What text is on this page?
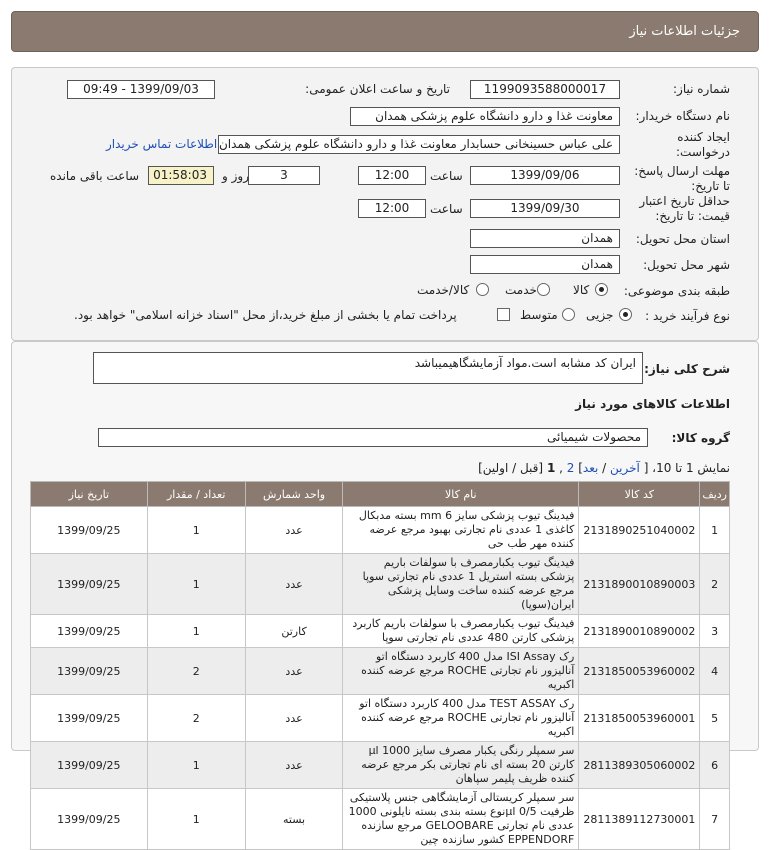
جزئیات اطلاعات نیاز
شماره نیاز:
1199093588000017
تاریخ و ساعت اعلان عمومی:
1399/09/03 - 09:49
نام دستگاه خریدار:
معاونت غذا و دارو دانشگاه علوم پزشکی همدان
ایجاد کننده درخواست:
علی عباس حسینخانی حسابدار معاونت غذا و دارو دانشگاه علوم پزشکی همدان
اطلاعات تماس خریدار
مهلت ارسال پاسخ: تا تاریخ:
1399/09/06
ساعت
12:00
3
روز و
01:58:03
ساعت باقی مانده
حداقل تاریخ اعتبار قیمت: تا تاریخ:
1399/09/30
ساعت
12:00
استان محل تحویل:
همدان
شهر محل تحویل:
همدان
طبقه بندی موضوعی:
کالا
خدمت
کالا/خدمت
نوع فرآیند خرید :
جزیی
متوسط
پرداخت تمام یا بخشی از مبلغ خرید،از محل "اسناد خزانه اسلامی" خواهد بود.
شرح کلی نیاز:
ایران کد مشابه است.مواد آزمایشگاهیمیباشد
اطلاعات کالاهای مورد نیاز
گروه کالا:
محصولات شیمیائی
نمایش 1 تا 10، [ آخرین / بعد] 2 , 1 [قبل / اولین]
ردیف	کد کالا	نام کالا	واحد شمارش	تعداد / مقدار	تاریخ نیاز
1	2131890251040002	فیدینگ تیوب پزشکی سایز 6 mm بسته مدبکال کاغذی 1 عددی نام تجارتی بهبود مرجع عرضه کننده مهر طب حی	عدد	1	1399/09/25
2	2131890010890003	فیدینگ تیوب یکبارمصرف با سولفات باریم پزشکی بسته استریل 1 عددی نام تجارتی سوپا مرجع عرضه کننده ساخت وسایل پزشکی ایران(سوپا)	عدد	1	1399/09/25
3	2131890010890002	فیدینگ تیوب یکبارمصرف با سولفات باریم کاربرد پزشکی کارتن 480 عددی نام تجارتی سوپا	کارتن	1	1399/09/25
4	2131850053960002	رک ISI Assay مدل 400 کاربرد دستگاه اتو آنالیزور نام تجارتی ROCHE مرجع عرضه کننده اکبریه	عدد	2	1399/09/25
5	2131850053960001	رک TEST ASSAY مدل 400 کاربرد دستگاه اتو آنالیزور نام تجارتی ROCHE مرجع عرضه کننده اکبریه	عدد	2	1399/09/25
6	2811389305060002	سر سمپلر رنگی یکبار مصرف سایز 1000 µl کارتن 20 بسته ای نام تجارتی بکر مرجع عرضه کننده ظریف پلیمر سپاهان	عدد	1	1399/09/25
7	2811389112730001	سر سمپلر کریستالی آزمایشگاهی جنس پلاستیکی ظرفیت 0/5 µlنوع بسته بندی بسته نایلونی 1000 عددی نام تجارتی GELOOBARE مرجع سازنده EPPENDORF کشور سازنده چین	بسته	1	1399/09/25
